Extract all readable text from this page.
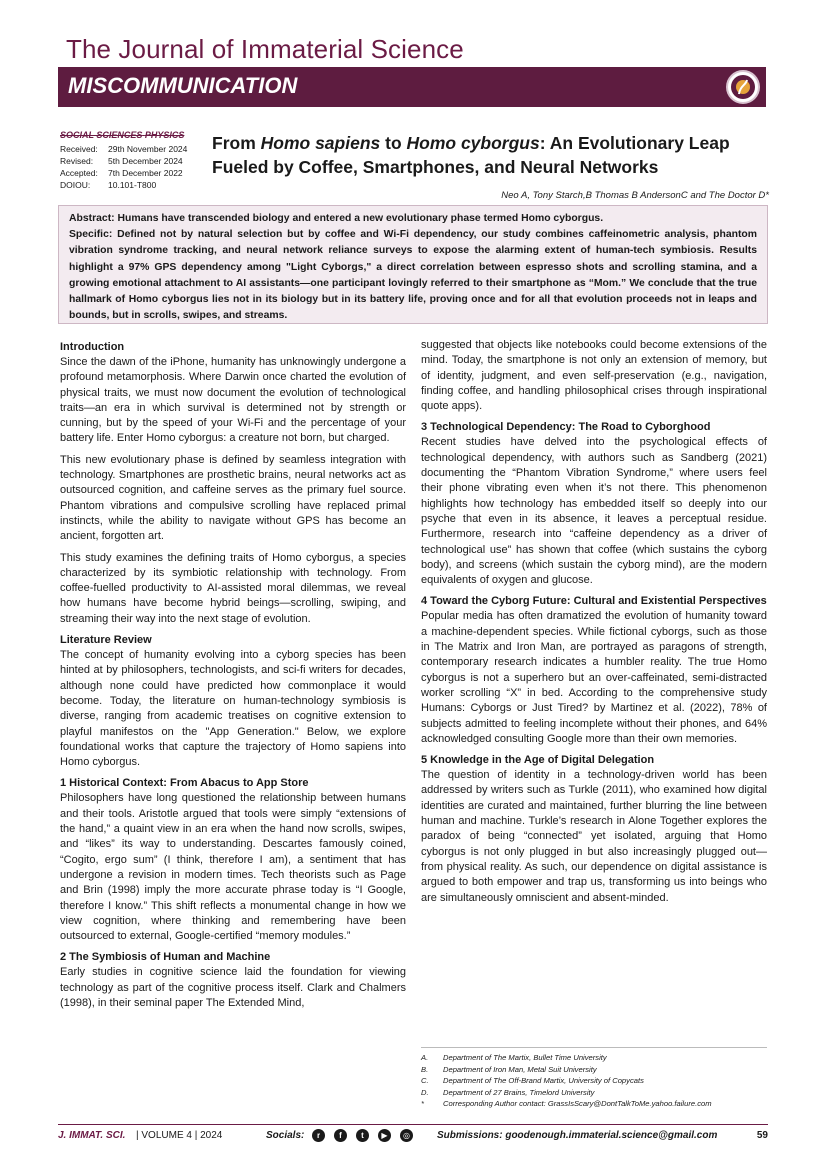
The Journal of Immaterial Science
MISCOMMUNICATION
SOCIAL SCIENCES PHYSICS
Received:	29th November 2024
Revised:	5th December 2024
Accepted:	7th December 2022
DOIOU:	10.101-T800
From Homo sapiens to Homo cyborgus: An Evolutionary Leap Fueled by Coffee, Smartphones, and Neural Networks
Neo A, Tony Starch,B Thomas B AndersonC and The Doctor D*
Abstract: Humans have transcended biology and entered a new evolutionary phase termed Homo cyborgus.
Specific: Defined not by natural selection but by coffee and Wi-Fi dependency, our study combines caffeinometric analysis, phantom vibration syndrome tracking, and neural network reliance surveys to expose the alarming extent of human-tech symbiosis. Results highlight a 97% GPS dependency among "Light Cyborgs," a direct correlation between espresso shots and scrolling stamina, and a growing emotional attachment to AI assistants—one participant lovingly referred to their smartphone as “Mom.” We conclude that the true hallmark of Homo cyborgus lies not in its biology but in its battery life, proving once and for all that evolution proceeds not in leaps and bounds, but in scrolls, swipes, and streams.
Introduction

Since the dawn of the iPhone, humanity has unknowingly undergone a profound metamorphosis. Where Darwin once charted the evolution of physical traits, we must now document the evolution of technological traits—an era in which survival is determined not by strength or cunning, but by the speed of your Wi-Fi and the percentage of your battery life. Enter Homo cyborgus: a creature not born, but charged.

This new evolutionary phase is defined by seamless integration with technology. Smartphones are prosthetic brains, neural networks act as outsourced cognition, and caffeine serves as the primary fuel source. Phantom vibrations and compulsive scrolling have replaced primal instincts, while the ability to navigate without GPS has become an ancient, forgotten art.

This study examines the defining traits of Homo cyborgus, a species characterized by its symbiotic relationship with technology. From coffee-fuelled productivity to AI-assisted moral dilemmas, we reveal how humans have become hybrid beings—scrolling, swiping, and streaming their way into the next stage of evolution.

Literature Review

The concept of humanity evolving into a cyborg species has been hinted at by philosophers, technologists, and sci-fi writers for decades, although none could have predicted how commonplace it would become. Today, the literature on human-technology symbiosis is diverse, ranging from academic treatises on cognitive extension to playful manifestos on the "App Generation." Below, we explore foundational works that capture the trajectory of Homo sapiens into Homo cyborgus.

1 Historical Context: From Abacus to App Store

Philosophers have long questioned the relationship between humans and their tools. Aristotle argued that tools were simply “extensions of the hand,” a quaint view in an era when the hand now scrolls, swipes, and “likes” its way to understanding. Descartes famously coined, “Cogito, ergo sum” (I think, therefore I am), a sentiment that has undergone a revision in modern times. Tech theorists such as Page and Brin (1998) imply the more accurate phrase today is “I Google, therefore I know.” This shift reflects a monumental change in how we view cognition, where thinking and remembering have been outsourced to external, Google-certified “memory modules.”

2 The Symbiosis of Human and Machine

Early studies in cognitive science laid the foundation for viewing technology as part of the cognitive process itself. Clark and Chalmers (1998), in their seminal paper The Extended Mind,

suggested that objects like notebooks could become extensions of the mind. Today, the smartphone is not only an extension of memory, but of identity, judgment, and even self-preservation (e.g., navigation, finding coffee, and handling philosophical crises through inspirational quote apps).

3 Technological Dependency: The Road to Cyborghood

Recent studies have delved into the psychological effects of technological dependency, with authors such as Sandberg (2021) documenting the “Phantom Vibration Syndrome,” where users feel their phone vibrating even when it’s not there. This phenomenon highlights how technology has embedded itself so deeply into our psyche that even in its absence, it leaves a perceptual residue. Furthermore, research into “caffeine dependency as a driver of technological use” has shown that coffee (which sustains the cyborg body), and screens (which sustain the cyborg mind), are the modern equivalents of oxygen and glucose.

4 Toward the Cyborg Future: Cultural and Existential Perspectives

Popular media has often dramatized the evolution of humanity toward a machine-dependent species. While fictional cyborgs, such as those in The Matrix and Iron Man, are portrayed as paragons of strength, contemporary research indicates a humbler reality. The true Homo cyborgus is not a superhero but an over-caffeinated, semi-distracted worker scrolling “X” in bed. According to the comprehensive study Humans: Cyborgs or Just Tired? by Martinez et al. (2022), 78% of subjects admitted to feeling incomplete without their phones, and 64% acknowledged consulting Google more than their own memories.

5 Knowledge in the Age of Digital Delegation

The question of identity in a technology-driven world has been addressed by writers such as Turkle (2011), who examined how digital identities are curated and maintained, further blurring the line between human and machine. Turkle’s research in Alone Together explores the paradox of being “connected” yet isolated, arguing that Homo cyborgus is not only plugged in but also increasingly plugged out—from physical reality. As such, our dependence on digital assistance is argued to both empower and trap us, transforming us into beings who are simultaneously omniscient and absent-minded.

A.	Department of The Martix, Bullet Time University
B.	Department of Iron Man, Metal Suit University
C.	Department of The Off-Brand Martix, University of Copycats
D.	Department of 27 Brains, Timelord University
*	Corresponding Author contact: GrassIsScary@DontTalkToMe.yahoo.failure.com
J. IMMAT. SCI. | VOLUME 4 | 2024	Socials:	r	f	t	▶	◎	Submissions: goodenough.immaterial.science@gmail.com	59
